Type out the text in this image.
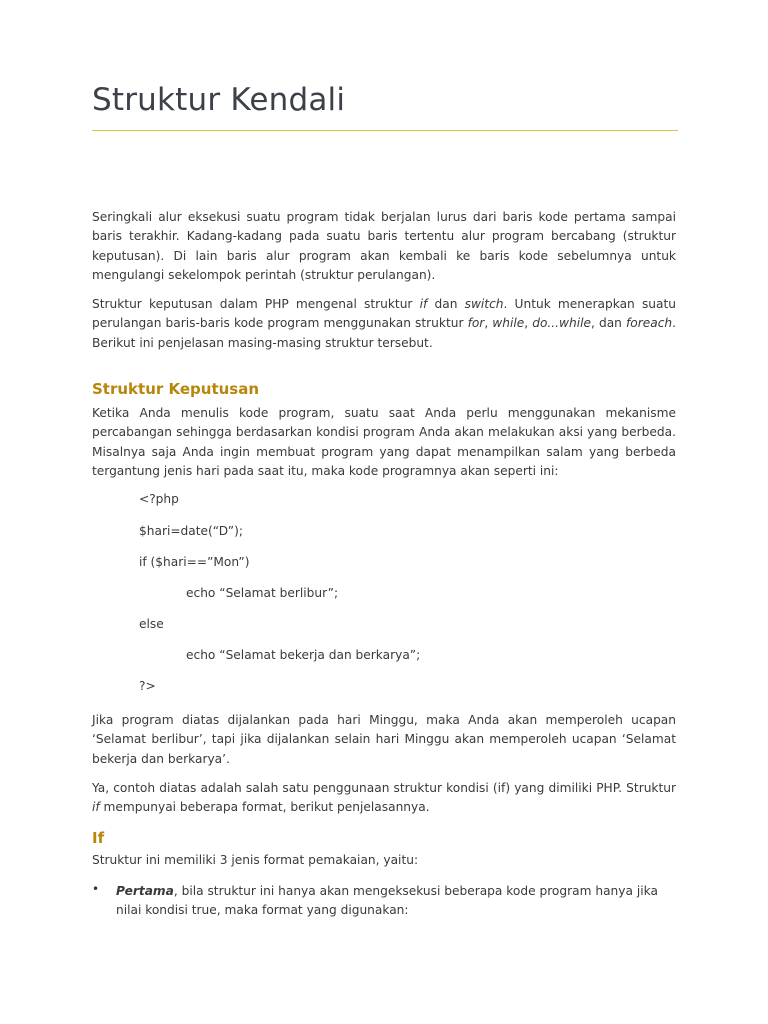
Struktur Kendali

Seringkali alur eksekusi suatu program tidak berjalan lurus dari baris kode pertama sampai baris terakhir. Kadang-kadang pada suatu baris tertentu alur program bercabang (struktur keputusan). Di lain baris alur program akan kembali ke baris kode sebelumnya untuk mengulangi sekelompok perintah (struktur perulangan).

Struktur keputusan dalam PHP mengenal struktur if dan switch. Untuk menerapkan suatu perulangan baris-baris kode program menggunakan struktur for, while, do...while, dan foreach. Berikut ini penjelasan masing-masing struktur tersebut.

Struktur Keputusan

Ketika Anda menulis kode program, suatu saat Anda perlu menggunakan mekanisme percabangan sehingga berdasarkan kondisi program Anda akan melakukan aksi yang berbeda. Misalnya saja Anda ingin membuat program yang dapat menampilkan salam yang berbeda tergantung jenis hari pada saat itu, maka kode programnya akan seperti ini:

<?php
$hari=date(“D”);
if ($hari==”Mon”)
echo “Selamat berlibur”;
else
echo “Selamat bekerja dan berkarya”;
?>

Jika program diatas dijalankan pada hari Minggu, maka Anda akan memperoleh ucapan ‘Selamat berlibur’, tapi jika dijalankan selain hari Minggu akan memperoleh ucapan ‘Selamat bekerja dan berkarya’.

Ya, contoh diatas adalah salah satu penggunaan struktur kondisi (if) yang dimiliki PHP. Struktur if mempunyai beberapa format, berikut penjelasannya.

If

Struktur ini memiliki 3 jenis format pemakaian, yaitu:

• Pertama, bila struktur ini hanya akan mengeksekusi beberapa kode program hanya jika nilai kondisi true, maka format yang digunakan:
